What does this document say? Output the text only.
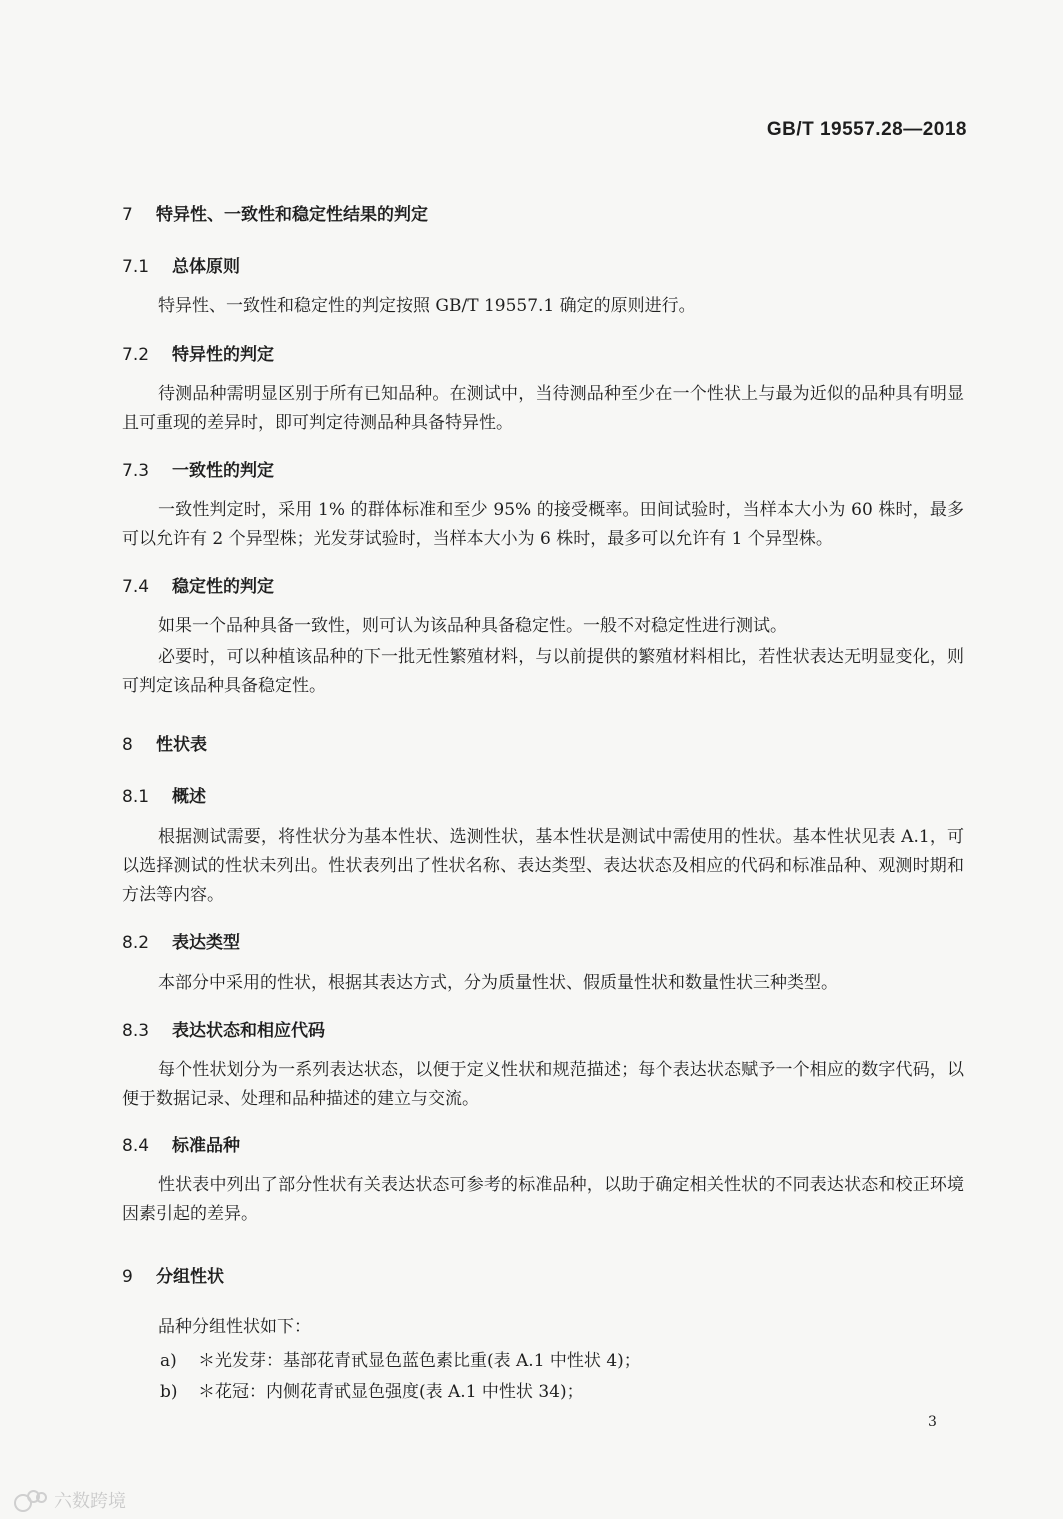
GB/T 19557.28—2018
7 特异性、一致性和稳定性结果的判定
7.1 总体原则
特异性、一致性和稳定性的判定按照 GB/T 19557.1 确定的原则进行。
7.2 特异性的判定
待测品种需明显区别于所有已知品种。在测试中，当待测品种至少在一个性状上与最为近似的品种具有明显且可重现的差异时，即可判定待测品种具备特异性。
7.3 一致性的判定
一致性判定时，采用 1% 的群体标准和至少 95% 的接受概率。田间试验时，当样本大小为 60 株时，最多可以允许有 2 个异型株；光发芽试验时，当样本大小为 6 株时，最多可以允许有 1 个异型株。
7.4 稳定性的判定
如果一个品种具备一致性，则可认为该品种具备稳定性。一般不对稳定性进行测试。
必要时，可以种植该品种的下一批无性繁殖材料，与以前提供的繁殖材料相比，若性状表达无明显变化，则可判定该品种具备稳定性。
8 性状表
8.1 概述
根据测试需要，将性状分为基本性状、选测性状，基本性状是测试中需使用的性状。基本性状见表 A.1，可以选择测试的性状未列出。性状表列出了性状名称、表达类型、表达状态及相应的代码和标准品种、观测时期和方法等内容。
8.2 表达类型
本部分中采用的性状，根据其表达方式，分为质量性状、假质量性状和数量性状三种类型。
8.3 表达状态和相应代码
每个性状划分为一系列表达状态，以便于定义性状和规范描述；每个表达状态赋予一个相应的数字代码，以便于数据记录、处理和品种描述的建立与交流。
8.4 标准品种
性状表中列出了部分性状有关表达状态可参考的标准品种，以助于确定相关性状的不同表达状态和校正环境因素引起的差异。
9 分组性状
品种分组性状如下：
a) ＊光发芽：基部花青甙显色蓝色素比重(表 A.1 中性状 4)；
b) ＊花冠：内侧花青甙显色强度(表 A.1 中性状 34)；
3
六数跨境
